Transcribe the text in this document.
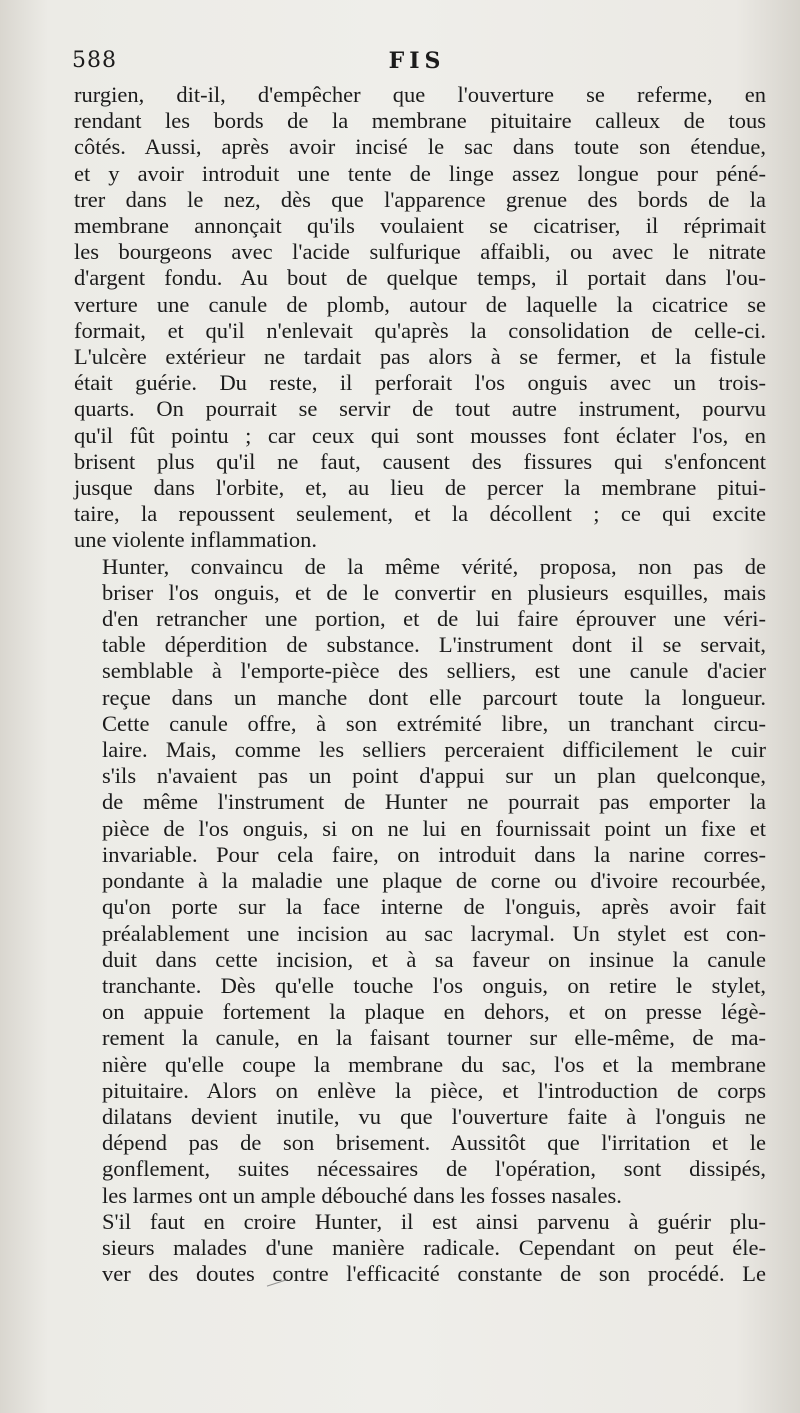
588	FIS

rurgien, dit-il, d'empêcher que l'ouverture se referme, en
rendant les bords de la membrane pituitaire calleux de tous
côtés. Aussi, après avoir incisé le sac dans toute son étendue,
et y avoir introduit une tente de linge assez longue pour péné-
trer dans le nez, dès que l'apparence grenue des bords de la
membrane annonçait qu'ils voulaient se cicatriser, il réprimait
les bourgeons avec l'acide sulfurique affaibli, ou avec le nitrate
d'argent fondu. Au bout de quelque temps, il portait dans l'ou-
verture une canule de plomb, autour de laquelle la cicatrice se
formait, et qu'il n'enlevait qu'après la consolidation de celle-ci.
L'ulcère extérieur ne tardait pas alors à se fermer, et la fistule
était guérie. Du reste, il perforait l'os onguis avec un trois-
quarts. On pourrait se servir de tout autre instrument, pourvu
qu'il fût pointu ; car ceux qui sont mousses font éclater l'os, en
brisent plus qu'il ne faut, causent des fissures qui s'enfoncent
jusque dans l'orbite, et, au lieu de percer la membrane pitui-
taire, la repoussent seulement, et la décollent ; ce qui excite
une violente inflammation.

Hunter, convaincu de la même vérité, proposa, non pas de
briser l'os onguis, et de le convertir en plusieurs esquilles, mais
d'en retrancher une portion, et de lui faire éprouver une véri-
table déperdition de substance. L'instrument dont il se servait,
semblable à l'emporte-pièce des selliers, est une canule d'acier
reçue dans un manche dont elle parcourt toute la longueur.
Cette canule offre, à son extrémité libre, un tranchant circu-
laire. Mais, comme les selliers perceraient difficilement le cuir
s'ils n'avaient pas un point d'appui sur un plan quelconque,
de même l'instrument de Hunter ne pourrait pas emporter la
pièce de l'os onguis, si on ne lui en fournissait point un fixe et
invariable. Pour cela faire, on introduit dans la narine corres-
pondante à la maladie une plaque de corne ou d'ivoire recourbée,
qu'on porte sur la face interne de l'onguis, après avoir fait
préalablement une incision au sac lacrymal. Un stylet est con-
duit dans cette incision, et à sa faveur on insinue la canule
tranchante. Dès qu'elle touche l'os onguis, on retire le stylet,
on appuie fortement la plaque en dehors, et on presse légè-
rement la canule, en la faisant tourner sur elle-même, de ma-
nière qu'elle coupe la membrane du sac, l'os et la membrane
pituitaire. Alors on enlève la pièce, et l'introduction de corps
dilatans devient inutile, vu que l'ouverture faite à l'onguis ne
dépend pas de son brisement. Aussitôt que l'irritation et le
gonflement, suites nécessaires de l'opération, sont dissipés,
les larmes ont un ample débouché dans les fosses nasales.

S'il faut en croire Hunter, il est ainsi parvenu à guérir plu-
sieurs malades d'une manière radicale. Cependant on peut éle-
ver des doutes contre l'efficacité constante de son procédé. Le
